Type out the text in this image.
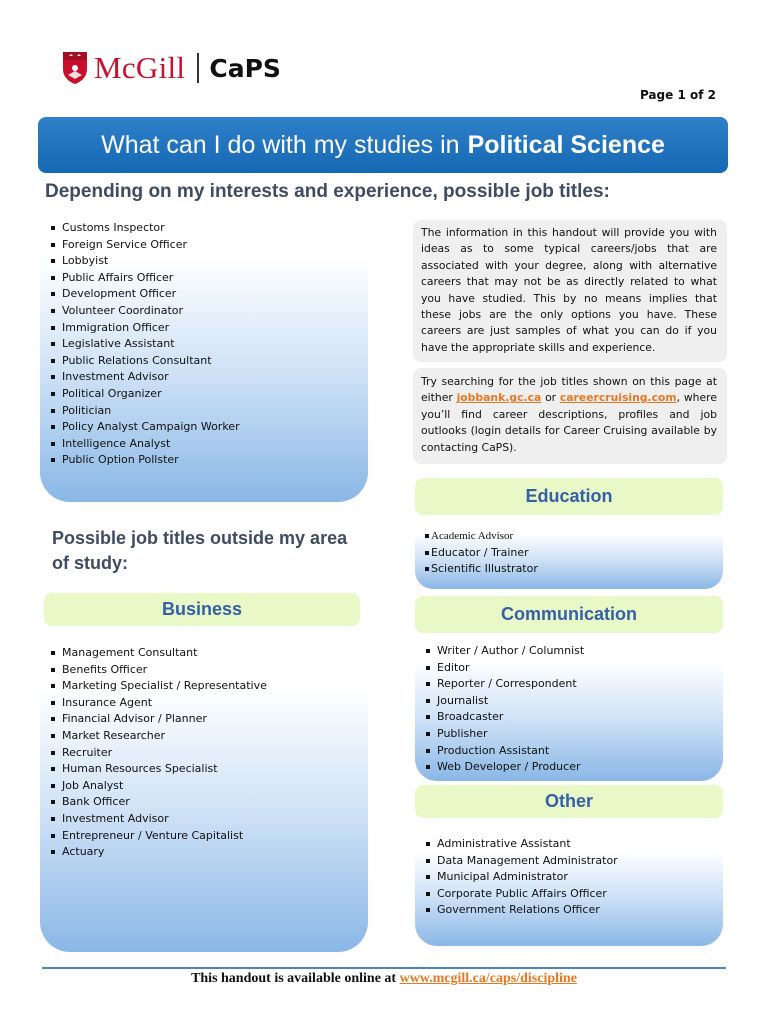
McGill CaPS
Page 1 of 2
What can I do with my studies in Political Science
Depending on my interests and experience, possible job titles:
Customs Inspector
Foreign Service Officer
Lobbyist
Public Affairs Officer
Development Officer
Volunteer Coordinator
Immigration Officer
Legislative Assistant
Public Relations Consultant
Investment Advisor
Political Organizer
Politician
Policy Analyst Campaign Worker
Intelligence Analyst
Public Option Pollster

The information in this handout will provide you with ideas as to some typical careers/jobs that are associated with your degree, along with alternative careers that may not be as directly related to what you have studied. This by no means implies that these jobs are the only options you have. These careers are just samples of what you can do if you have the appropriate skills and experience.

Try searching for the job titles shown on this page at either jobbank.gc.ca or careercruising.com, where you’ll find career descriptions, profiles and job outlooks (login details for Career Cruising available by contacting CaPS).

Education
Academic Advisor
Educator / Trainer
Scientific Illustrator
Possible job titles outside my area of study:
Business
Management Consultant
Benefits Officer
Marketing Specialist / Representative
Insurance Agent
Financial Advisor / Planner
Market Researcher
Recruiter
Human Resources Specialist
Job Analyst
Bank Officer
Investment Advisor
Entrepreneur / Venture Capitalist
Actuary
Communication
Writer / Author / Columnist
Editor
Reporter / Correspondent
Journalist
Broadcaster
Publisher
Production Assistant
Web Developer / Producer
Other
Administrative Assistant
Data Management Administrator
Municipal Administrator
Corporate Public Affairs Officer
Government Relations Officer
This handout is available online at www.mcgill.ca/caps/discipline
